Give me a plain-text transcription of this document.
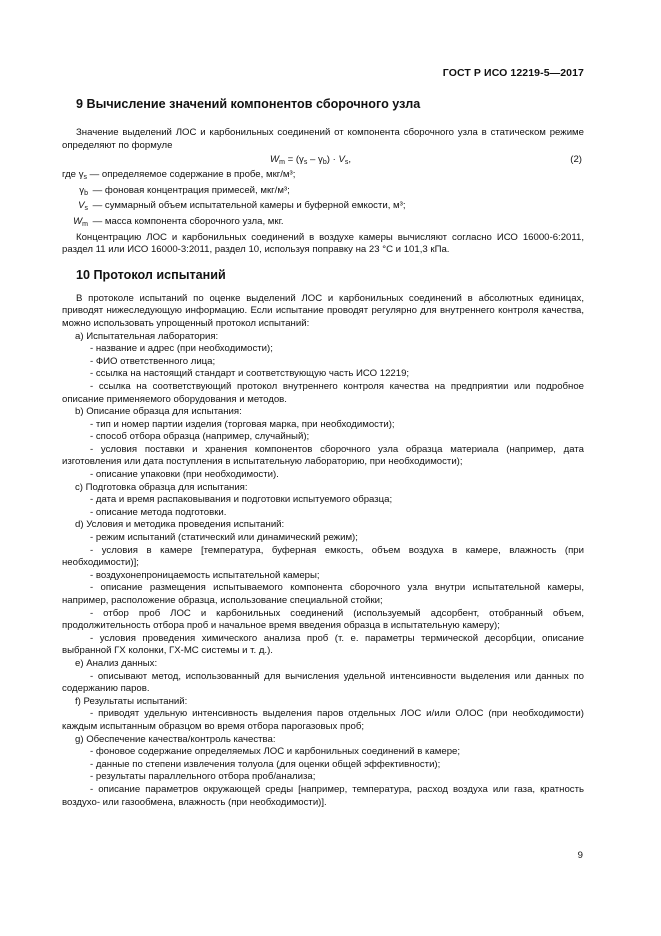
ГОСТ Р ИСО 12219-5—2017
9 Вычисление значений компонентов сборочного узла

Значение выделений ЛОС и карбонильных соединений от компонента сборочного узла в статическом режиме определяют по формуле

$W_m = (\gamma_s - \gamma_b) \cdot V_s$,	(2)
где
$\gamma_s$
— определяемое содержание в пробе, мкг/м³;
$\gamma_b$
— фоновая концентрация примесей, мкг/м³;
$V_s$
— суммарный объем испытательной камеры и буферной емкости, м³;
$W_m$
— масса компонента сборочного узла, мкг.

Концентрацию ЛОС и карбонильных соединений в воздухе камеры вычисляют согласно ИСО 16000-6:2011, раздел 11 или ИСО 16000-3:2011, раздел 10, используя поправку на 23 °С и 101,3 кПа.

10 Протокол испытаний

В протоколе испытаний по оценке выделений ЛОС и карбонильных соединений в абсолютных единицах, приводят нижеследующую информацию. Если испытание проводят регулярно для внутреннего контроля качества, можно использовать упрощенный протокол испытаний:

a) Испытательная лаборатория:
- название и адрес (при необходимости);
- ФИО ответственного лица;
- ссылка на настоящий стандарт и соответствующую часть ИСО 12219;
- ссылка на соответствующий протокол внутреннего контроля качества на предприятии или подробное описание применяемого оборудования и методов.
b) Описание образца для испытания:
- тип и номер партии изделия (торговая марка, при необходимости);
- способ отбора образца (например, случайный);
- условия поставки и хранения компонентов сборочного узла образца материала (например, дата изготовления или дата поступления в испытательную лабораторию, при необходимости);
- описание упаковки (при необходимости).
c) Подготовка образца для испытания:
- дата и время распаковывания и подготовки испытуемого образца;
- описание метода подготовки.
d) Условия и методика проведения испытаний:
- режим испытаний (статический или динамический режим);
- условия в камере [температура, буферная емкость, объем воздуха в камере, влажность (при необходимости)];
- воздухонепроницаемость испытательной камеры;
- описание размещения испытываемого компонента сборочного узла внутри испытательной камеры, например, расположение образца, использование специальной стойки;
- отбор проб ЛОС и карбонильных соединений (используемый адсорбент, отобранный объем, продолжительность отбора проб и начальное время введения образца в испытательную камеру);
- условия проведения химического анализа проб (т. е. параметры термической десорбции, описание выбранной ГХ колонки, ГХ-МС системы и т. д.).
e) Анализ данных:
- описывают метод, использованный для вычисления удельной интенсивности выделения или данных по содержанию паров.
f) Результаты испытаний:
- приводят удельную интенсивность выделения паров отдельных ЛОС и/или ОЛОС (при необходимости) каждым испытанным образцом во время отбора парогазовых проб;
g) Обеспечение качества/контроль качества:
- фоновое содержание определяемых ЛОС и карбонильных соединений в камере;
- данные по степени извлечения толуола (для оценки общей эффективности);
- результаты параллельного отбора проб/анализа;
- описание параметров окружающей среды [например, температура, расход воздуха или газа, кратность воздухо- или газообмена, влажность (при необходимости)].
9
